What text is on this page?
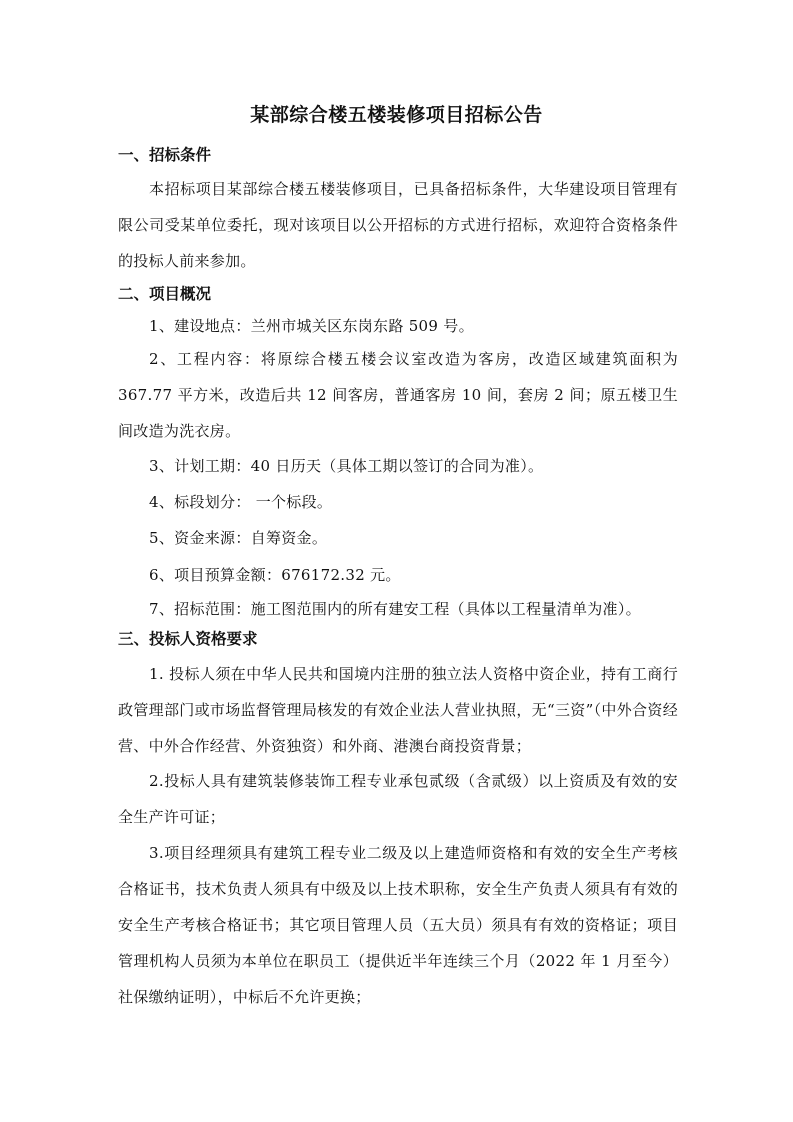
某部综合楼五楼装修项目招标公告
一、招标条件
本招标项目某部综合楼五楼装修项目，已具备招标条件，大华建设项目管理有限公司受某单位委托，现对该项目以公开招标的方式进行招标，欢迎符合资格条件的投标人前来参加。
二、项目概况
1、建设地点：兰州市城关区东岗东路 509 号。
2、工程内容：将原综合楼五楼会议室改造为客房，改造区域建筑面积为 367.77 平方米，改造后共 12 间客房，普通客房 10 间，套房 2 间；原五楼卫生间改造为洗衣房。
3、计划工期：40 日历天（具体工期以签订的合同为准）。
4、标段划分： 一个标段。
5、资金来源：自筹资金。
6、项目预算金额：676172.32 元。
7、招标范围：施工图范围内的所有建安工程（具体以工程量清单为准）。
三、投标人资格要求
1. 投标人须在中华人民共和国境内注册的独立法人资格中资企业，持有工商行政管理部门或市场监督管理局核发的有效企业法人营业执照，无“三资”（中外合资经营、中外合作经营、外资独资）和外商、港澳台商投资背景；
2.投标人具有建筑装修装饰工程专业承包贰级（含贰级）以上资质及有效的安全生产许可证；
3.项目经理须具有建筑工程专业二级及以上建造师资格和有效的安全生产考核合格证书，技术负责人须具有中级及以上技术职称，安全生产负责人须具有有效的安全生产考核合格证书；其它项目管理人员（五大员）须具有有效的资格证；项目管理机构人员须为本单位在职员工（提供近半年连续三个月（2022 年 1 月至今）社保缴纳证明），中标后不允许更换；
